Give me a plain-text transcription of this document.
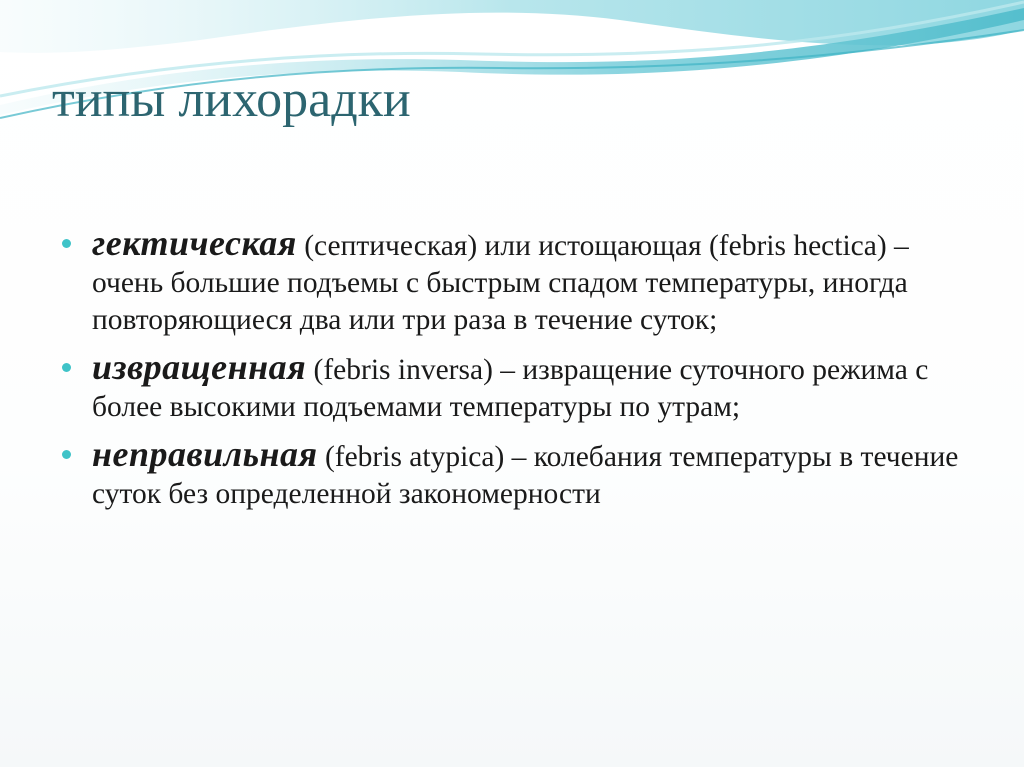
типы лихорадки
гектическая (септическая) или истощающая (febris hectica) – очень большие подъемы с быстрым спадом температуры, иногда повторяющиеся два или три раза в течение суток;
извращенная (febris inversa) – извращение суточного режима с более высокими подъемами температуры по утрам;
неправильная (febris atypica) – колебания температуры в течение суток без определенной закономерности
